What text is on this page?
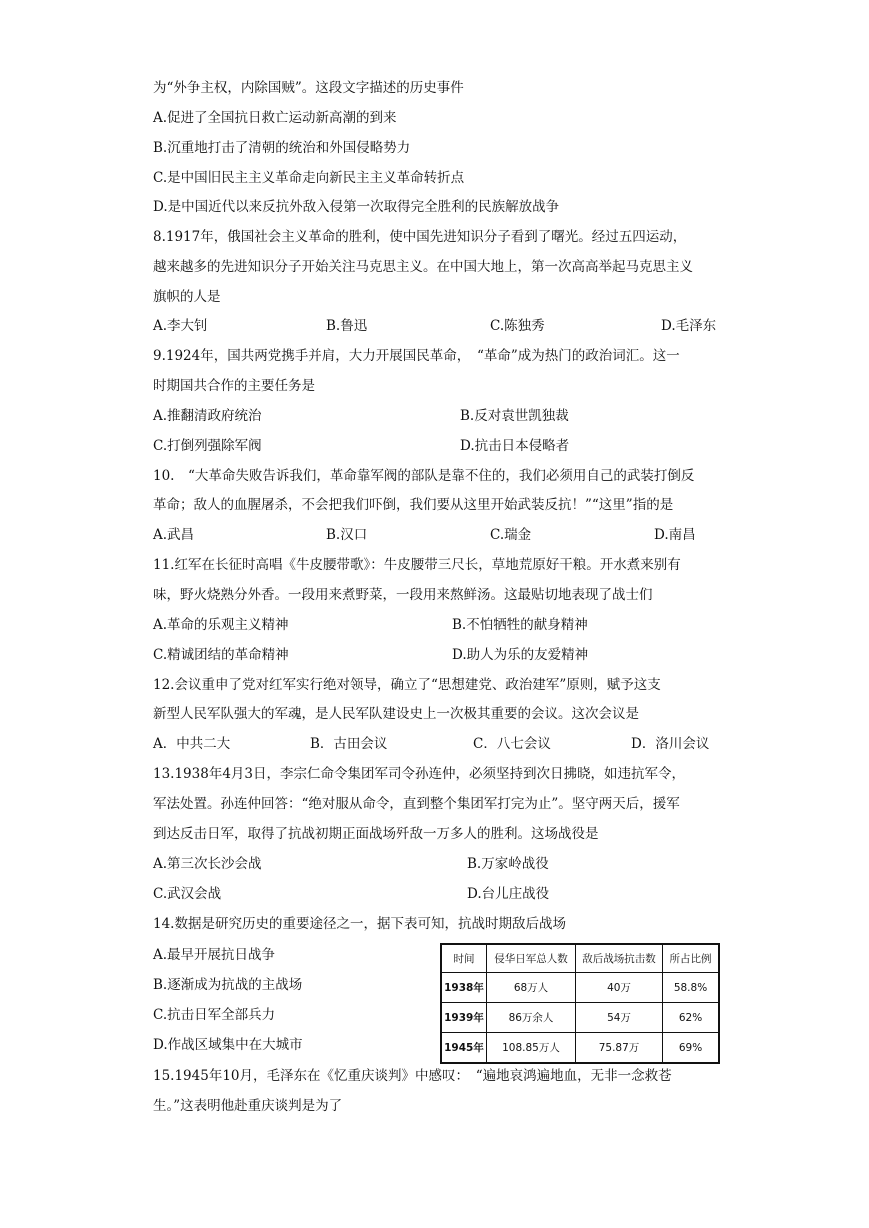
为“外争主权，内除国贼”。这段文字描述的历史事件
A.促进了全国抗日救亡运动新高潮的到来
B.沉重地打击了清朝的统治和外国侵略势力
C.是中国旧民主主义革命走向新民主主义革命转折点
D.是中国近代以来反抗外敌入侵第一次取得完全胜利的民族解放战争
8.1917年，俄国社会主义革命的胜利，使中国先进知识分子看到了曙光。经过五四运动，
越来越多的先进知识分子开始关注马克思主义。在中国大地上，第一次高高举起马克思主义
旗帜的人是
A.李大钊	B.鲁迅	C.陈独秀	D.毛泽东
9.1924年，国共两党携手并肩，大力开展国民革命，　“革命”成为热门的政治词汇。这一
时期国共合作的主要任务是
A.推翻清政府统治	B.反对袁世凯独裁
C.打倒列强除军阀	D.抗击日本侵略者
10.　“大革命失败告诉我们，革命靠军阀的部队是靠不住的，我们必须用自己的武装打倒反
革命；敌人的血腥屠杀，不会把我们吓倒，我们要从这里开始武装反抗！”“这里”指的是
A.武昌	B.汉口	C.瑞金	D.南昌
11.红军在长征时高唱《牛皮腰带歌》：牛皮腰带三尺长，草地荒原好干粮。开水煮来别有
味，野火烧熟分外香。一段用来煮野菜，一段用来熬鲜汤。这最贴切地表现了战士们
A.革命的乐观主义精神	B.不怕牺牲的献身精神
C.精诚团结的革命精神	D.助人为乐的友爱精神
12.会议重申了党对红军实行绝对领导，确立了“思想建党、政治建军”原则，赋予这支
新型人民军队强大的军魂，是人民军队建设史上一次极其重要的会议。这次会议是
A．中共二大	B．古田会议	C．八七会议	D．洛川会议
13.1938年4月3日，李宗仁命令集团军司令孙连仲，必须坚持到次日拂晓，如违抗军令，
军法处置。孙连仲回答：“绝对服从命令，直到整个集团军打完为止”。坚守两天后，援军
到达反击日军，取得了抗战初期正面战场歼敌一万多人的胜利。这场战役是
A.第三次长沙会战	B.万家岭战役
C.武汉会战	D.台儿庄战役
14.数据是研究历史的重要途径之一，据下表可知，抗战时期敌后战场
A.最早开展抗日战争
B.逐渐成为抗战的主战场
C.抗击日军全部兵力
D.作战区域集中在大城市
时间	侵华日军总人数	敌后战场抗击数	所占比例
1938年	68万人	40万	58.8%
1939年	86万余人	54万	62%
1945年	108.85万人	75.87万	69%
15.1945年10月，毛泽东在《忆重庆谈判》中感叹：　“遍地哀鸿遍地血，无非一念救苍
生。”这表明他赴重庆谈判是为了
